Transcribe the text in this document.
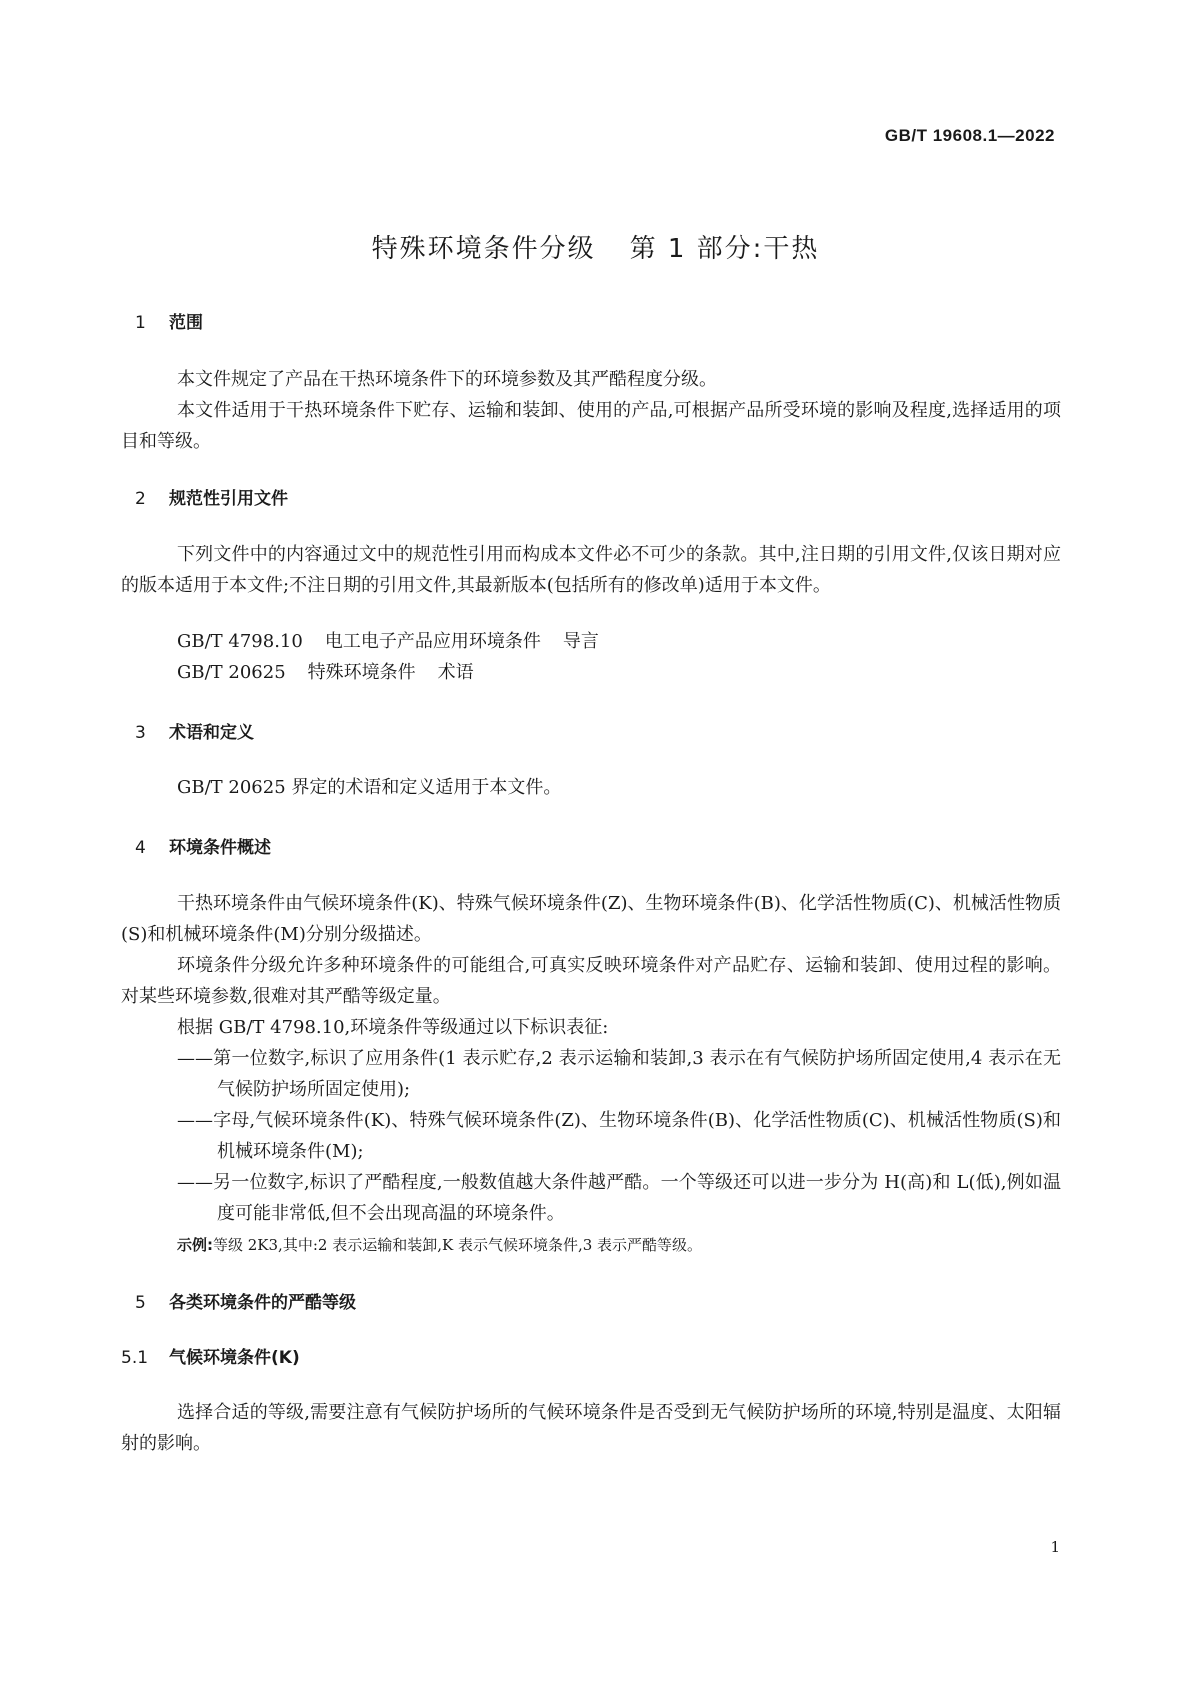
GB/T 19608.1—2022
特殊环境条件分级 第 1 部分:干热
1 范围

本文件规定了产品在干热环境条件下的环境参数及其严酷程度分级。

本文件适用于干热环境条件下贮存、运输和装卸、使用的产品,可根据产品所受环境的影响及程度,选择适用的项目和等级。

2 规范性引用文件

下列文件中的内容通过文中的规范性引用而构成本文件必不可少的条款。其中,注日期的引用文件,仅该日期对应的版本适用于本文件;不注日期的引用文件,其最新版本(包括所有的修改单)适用于本文件。

GB/T 4798.10 电工电子产品应用环境条件 导言
GB/T 20625 特殊环境条件 术语
3 术语和定义

GB/T 20625 界定的术语和定义适用于本文件。

4 环境条件概述

干热环境条件由气候环境条件(K)、特殊气候环境条件(Z)、生物环境条件(B)、化学活性物质(C)、机械活性物质(S)和机械环境条件(M)分别分级描述。

环境条件分级允许多种环境条件的可能组合,可真实反映环境条件对产品贮存、运输和装卸、使用过程的影响。对某些环境参数,很难对其严酷等级定量。

根据 GB/T 4798.10,环境条件等级通过以下标识表征:

——第一位数字,标识了应用条件(1 表示贮存,2 表示运输和装卸,3 表示在有气候防护场所固定使用,4 表示在无气候防护场所固定使用);

——字母,气候环境条件(K)、特殊气候环境条件(Z)、生物环境条件(B)、化学活性物质(C)、机械活性物质(S)和机械环境条件(M);

——另一位数字,标识了严酷程度,一般数值越大条件越严酷。一个等级还可以进一步分为 H(高)和 L(低),例如温度可能非常低,但不会出现高温的环境条件。

示例:等级 2K3,其中:2 表示运输和装卸,K 表示气候环境条件,3 表示严酷等级。
5 各类环境条件的严酷等级
5.1 气候环境条件(K)

选择合适的等级,需要注意有气候防护场所的气候环境条件是否受到无气候防护场所的环境,特别是温度、太阳辐射的影响。

1
